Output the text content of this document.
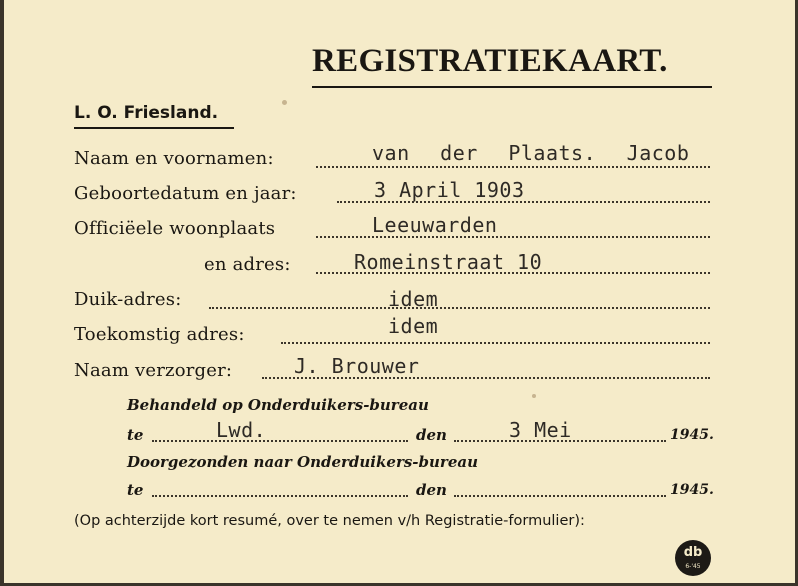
REGISTRATIEKAART.
L. O. Friesland.
Naam en voornamen:	van der Plaats. Jacob
Geboortedatum en jaar:	3 April 1903
Officiëele woonplaats	Leeuwarden
en adres:	Romeinstraat 10
Duik-adres:	idem
Toekomstig adres:	idem
Naam verzorger:	J. Brouwer
Behandeld op Onderduikers-bureau
te	Lwd.	den	3 Mei	1945.
Doorgezonden naar Onderduikers-bureau
te	den	1945.
(Op achterzijde kort resumé, over te nemen v/h Registratie-formulier):
db
6-'45
